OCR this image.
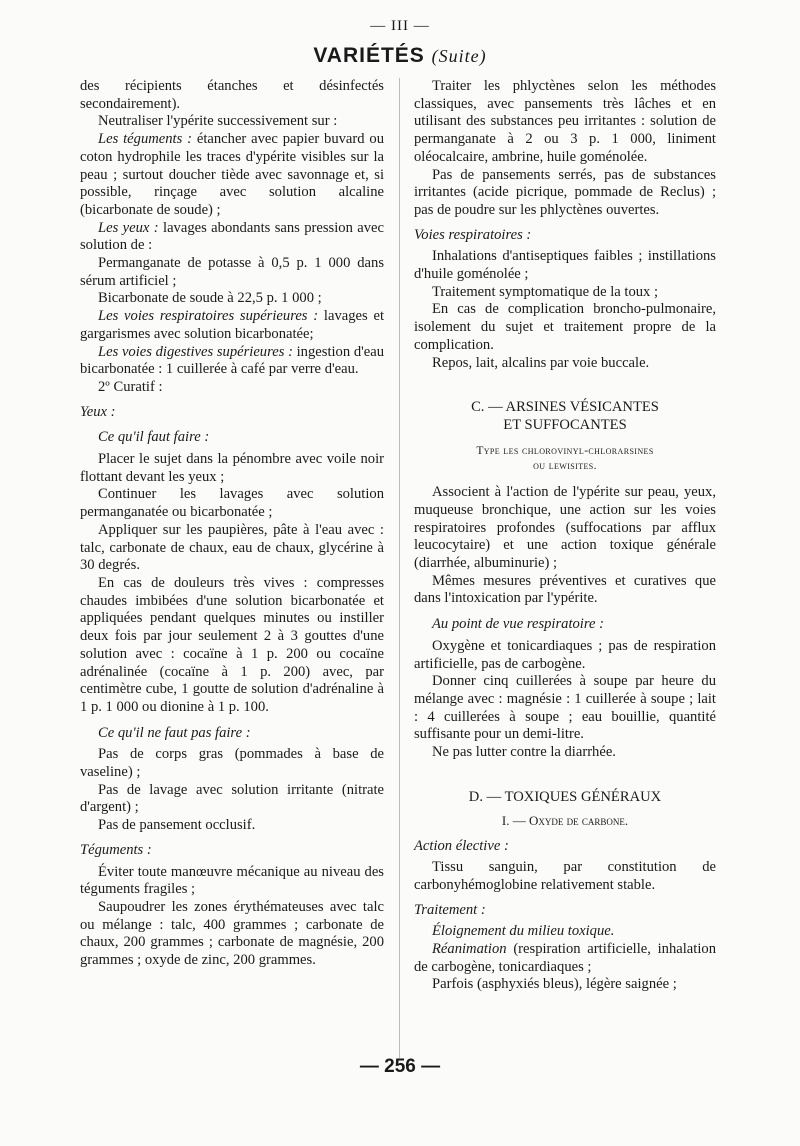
— III —
VARIÉTÉS (Suite)

des récipients étanches et désinfectés secondairement).

Neutraliser l'ypérite successivement sur :

Les téguments : étancher avec papier buvard ou coton hydrophile les traces d'ypérite visibles sur la peau ; surtout doucher tiède avec savonnage et, si possible, rinçage avec solution alcaline (bicarbonate de soude) ;

Les yeux : lavages abondants sans pression avec solution de :

Permanganate de potasse à 0,5 p. 1 000 dans sérum artificiel ;

Bicarbonate de soude à 22,5 p. 1 000 ;

Les voies respiratoires supérieures : lavages et gargarismes avec solution bicarbonatée;

Les voies digestives supérieures : ingestion d'eau bicarbonatée : 1 cuillerée à café par verre d'eau.

2º Curatif :

Yeux :

Ce qu'il faut faire :

Placer le sujet dans la pénombre avec voile noir flottant devant les yeux ;

Continuer les lavages avec solution permanganatée ou bicarbonatée ;

Appliquer sur les paupières, pâte à l'eau avec : talc, carbonate de chaux, eau de chaux, glycérine à 30 degrés.

En cas de douleurs très vives : compresses chaudes imbibées d'une solution bicarbonatée et appliquées pendant quelques minutes ou instiller deux fois par jour seulement 2 à 3 gouttes d'une solution avec : cocaïne à 1 p. 200 ou cocaïne adrénalinée (cocaïne à 1 p. 200) avec, par centimètre cube, 1 goutte de solution d'adrénaline à 1 p. 1 000 ou dionine à 1 p. 100.

Ce qu'il ne faut pas faire :

Pas de corps gras (pommades à base de vaseline) ;

Pas de lavage avec solution irritante (nitrate d'argent) ;

Pas de pansement occlusif.

Téguments :

Éviter toute manœuvre mécanique au niveau des téguments fragiles ;

Saupoudrer les zones érythémateuses avec talc ou mélange : talc, 400 grammes ; carbonate de chaux, 200 grammes ; carbonate de magnésie, 200 grammes ; oxyde de zinc, 200 grammes.

Traiter les phlyctènes selon les méthodes classiques, avec pansements très lâches et en utilisant des substances peu irritantes : solution de permanganate à 2 ou 3 p. 1 000, liniment oléocalcaire, ambrine, huile goménolée.

Pas de pansements serrés, pas de substances irritantes (acide picrique, pommade de Reclus) ; pas de poudre sur les phlyctènes ouvertes.

Voies respiratoires :

Inhalations d'antiseptiques faibles ; instillations d'huile goménolée ;

Traitement symptomatique de la toux ;

En cas de complication broncho-pulmonaire, isolement du sujet et traitement propre de la complication.

Repos, lait, alcalins par voie buccale.

C. — ARSINES VÉSICANTES
ET SUFFOCANTES
Type les chlorovinyl-chlorarsines
ou lewisites.

Associent à l'action de l'ypérite sur peau, yeux, muqueuse bronchique, une action sur les voies respiratoires profondes (suffocations par afflux leucocytaire) et une action toxique générale (diarrhée, albuminurie) ;

Mêmes mesures préventives et curatives que dans l'intoxication par l'ypérite.

Au point de vue respiratoire :

Oxygène et tonicardiaques ; pas de respiration artificielle, pas de carbogène.

Donner cinq cuillerées à soupe par heure du mélange avec : magnésie : 1 cuillerée à soupe ; lait : 4 cuillerées à soupe ; eau bouillie, quantité suffisante pour un demi-litre.

Ne pas lutter contre la diarrhée.

D. — TOXIQUES GÉNÉRAUX
I. — Oxyde de carbone.

Action élective :

Tissu sanguin, par constitution de carbonyhémoglobine relativement stable.

Traitement :

Éloignement du milieu toxique.

Réanimation (respiration artificielle, inhalation de carbogène, tonicardiaques ;

Parfois (asphyxiés bleus), légère saignée ;

— 256 —
